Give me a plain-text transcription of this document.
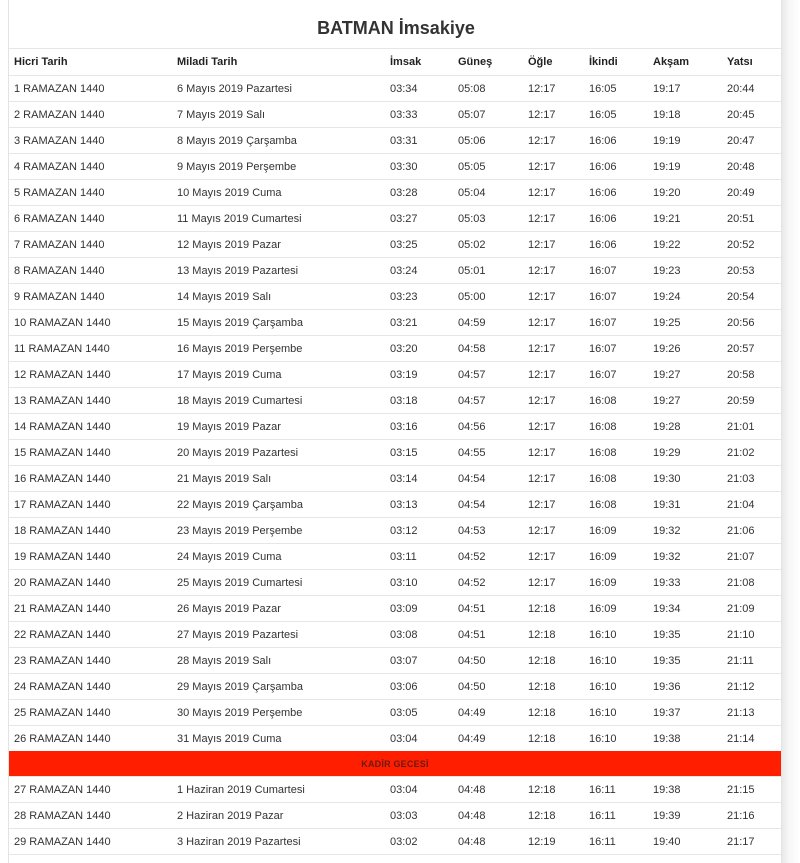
BATMAN İmsakiye
Hicri Tarih	Miladi Tarih	İmsak	Güneş	Öğle	İkindi	Akşam	Yatsı
1 RAMAZAN 1440	6 Mayıs 2019 Pazartesi	03:34	05:08	12:17	16:05	19:17	20:44
2 RAMAZAN 1440	7 Mayıs 2019 Salı	03:33	05:07	12:17	16:05	19:18	20:45
3 RAMAZAN 1440	8 Mayıs 2019 Çarşamba	03:31	05:06	12:17	16:06	19:19	20:47
4 RAMAZAN 1440	9 Mayıs 2019 Perşembe	03:30	05:05	12:17	16:06	19:19	20:48
5 RAMAZAN 1440	10 Mayıs 2019 Cuma	03:28	05:04	12:17	16:06	19:20	20:49
6 RAMAZAN 1440	11 Mayıs 2019 Cumartesi	03:27	05:03	12:17	16:06	19:21	20:51
7 RAMAZAN 1440	12 Mayıs 2019 Pazar	03:25	05:02	12:17	16:06	19:22	20:52
8 RAMAZAN 1440	13 Mayıs 2019 Pazartesi	03:24	05:01	12:17	16:07	19:23	20:53
9 RAMAZAN 1440	14 Mayıs 2019 Salı	03:23	05:00	12:17	16:07	19:24	20:54
10 RAMAZAN 1440	15 Mayıs 2019 Çarşamba	03:21	04:59	12:17	16:07	19:25	20:56
11 RAMAZAN 1440	16 Mayıs 2019 Perşembe	03:20	04:58	12:17	16:07	19:26	20:57
12 RAMAZAN 1440	17 Mayıs 2019 Cuma	03:19	04:57	12:17	16:07	19:27	20:58
13 RAMAZAN 1440	18 Mayıs 2019 Cumartesi	03:18	04:57	12:17	16:08	19:27	20:59
14 RAMAZAN 1440	19 Mayıs 2019 Pazar	03:16	04:56	12:17	16:08	19:28	21:01
15 RAMAZAN 1440	20 Mayıs 2019 Pazartesi	03:15	04:55	12:17	16:08	19:29	21:02
16 RAMAZAN 1440	21 Mayıs 2019 Salı	03:14	04:54	12:17	16:08	19:30	21:03
17 RAMAZAN 1440	22 Mayıs 2019 Çarşamba	03:13	04:54	12:17	16:08	19:31	21:04
18 RAMAZAN 1440	23 Mayıs 2019 Perşembe	03:12	04:53	12:17	16:09	19:32	21:06
19 RAMAZAN 1440	24 Mayıs 2019 Cuma	03:11	04:52	12:17	16:09	19:32	21:07
20 RAMAZAN 1440	25 Mayıs 2019 Cumartesi	03:10	04:52	12:17	16:09	19:33	21:08
21 RAMAZAN 1440	26 Mayıs 2019 Pazar	03:09	04:51	12:18	16:09	19:34	21:09
22 RAMAZAN 1440	27 Mayıs 2019 Pazartesi	03:08	04:51	12:18	16:10	19:35	21:10
23 RAMAZAN 1440	28 Mayıs 2019 Salı	03:07	04:50	12:18	16:10	19:35	21:11
24 RAMAZAN 1440	29 Mayıs 2019 Çarşamba	03:06	04:50	12:18	16:10	19:36	21:12
25 RAMAZAN 1440	30 Mayıs 2019 Perşembe	03:05	04:49	12:18	16:10	19:37	21:13
26 RAMAZAN 1440	31 Mayıs 2019 Cuma	03:04	04:49	12:18	16:10	19:38	21:14
KADİR GECESİ							
27 RAMAZAN 1440	1 Haziran 2019 Cumartesi	03:04	04:48	12:18	16:11	19:38	21:15
28 RAMAZAN 1440	2 Haziran 2019 Pazar	03:03	04:48	12:18	16:11	19:39	21:16
29 RAMAZAN 1440	3 Haziran 2019 Pazartesi	03:02	04:48	12:19	16:11	19:40	21:17
